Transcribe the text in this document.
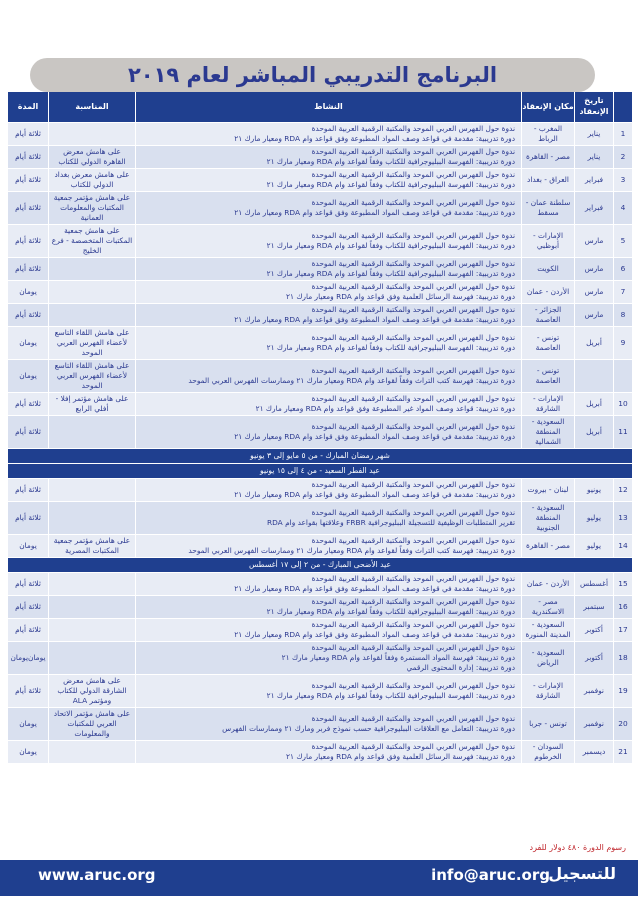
البرنامج التدريبي المباشر لعام ٢٠١٩
تاريخ الإنعقاد
مكان الإنعقاد
النشاط
المناسبة
المدة
1
يناير
المغرب - الرباط
ندوة حول الفهرس العربي الموحد والمكتبة الرقمية العربية الموحدة
دورة تدريبية: مقدمة في قواعد وصف المواد المطبوعة وفق قواعد وام RDA ومعيار مارك ٢١
ثلاثة أيام
2
يناير
مصر - القاهرة
ندوة حول الفهرس العربي الموحد والمكتبة الرقمية العربية الموحدة
دورة تدريبية: الفهرسة الببليوجرافية للكتاب وفقاً لقواعد وام RDA ومعيار مارك ٢١
على هامش معرض القاهرة الدولي للكتاب
ثلاثة أيام
3
فبراير
العراق - بغداد
ندوة حول الفهرس العربي الموحد والمكتبة الرقمية العربية الموحدة
دورة تدريبية: الفهرسة الببليوجرافية للكتاب وفقاً لقواعد وام RDA ومعيار مارك ٢١
على هامش معرض بغداد الدولي للكتاب
ثلاثة أيام
4
فبراير
سلطنة عمان - مسقط
ندوة حول الفهرس العربي الموحد والمكتبة الرقمية العربية الموحدة
دورة تدريبية: مقدمة في قواعد وصف المواد المطبوعة وفق قواعد وام RDA ومعيار مارك ٢١
على هامش مؤتمر جمعية المكتبات والمعلومات العمانية
ثلاثة أيام
5
مارس
الإمارات - أبوظبي
ندوة حول الفهرس العربي الموحد والمكتبة الرقمية العربية الموحدة
دورة تدريبية: الفهرسة الببليوجرافية للكتاب وفقاً لقواعد وام RDA ومعيار مارك ٢١
على هامش جمعية المكتبات المتخصصة - فرع الخليج
ثلاثة أيام
6
مارس
الكويت
ندوة حول الفهرس العربي الموحد والمكتبة الرقمية العربية الموحدة
دورة تدريبية: الفهرسة الببليوجرافية للكتاب وفقاً لقواعد وام RDA ومعيار مارك ٢١
ثلاثة أيام
7
مارس
الأردن - عمان
ندوة حول الفهرس العربي الموحد والمكتبة الرقمية العربية الموحدة
دورة تدريبية: فهرسة الرسائل العلمية وفق قواعد وام RDA ومعيار مارك ٢١
يومان
8
مارس
الجزائر - العاصمة
ندوة حول الفهرس العربي الموحد والمكتبة الرقمية العربية الموحدة
دورة تدريبية: مقدمة في قواعد وصف المواد المطبوعة وفق قواعد وام RDA ومعيار مارك ٢١
ثلاثة أيام
9
أبريل
تونس - العاصمة
ندوة حول الفهرس العربي الموحد والمكتبة الرقمية العربية الموحدة
دورة تدريبية: الفهرسة الببليوجرافية للكتاب وفقاً لقواعد وام RDA ومعيار مارك ٢١
على هامش اللقاء التاسع لأعضاء الفهرس العربي الموحد
يومان
تونس - العاصمة
ندوة حول الفهرس العربي الموحد والمكتبة الرقمية العربية الموحدة
دورة تدريبية: فهرسة كتب التراث وفقاً لقواعد وام RDA ومعيار مارك ٢١ وممارسات الفهرس العربي الموحد
على هامش اللقاء التاسع لأعضاء الفهرس العربي الموحد
يومان
10
أبريل
الإمارات - الشارقة
ندوة حول الفهرس العربي الموحد والمكتبة الرقمية العربية الموحدة
دورة تدريبية: قواعد وصف المواد غير المطبوعة وفق قواعد وام RDA ومعيار مارك ٢١
على هامش مؤتمر إفلا - أفلي الرابع
ثلاثة أيام
11
أبريل
السعودية - المنطقة الشمالية
ندوة حول الفهرس العربي الموحد والمكتبة الرقمية العربية الموحدة
دورة تدريبية: مقدمة في قواعد وصف المواد المطبوعة وفق قواعد وام RDA ومعيار مارك ٢١
ثلاثة أيام
شهر رمضان المبارك - من ٥ مايو إلى ٣ يونيو
عيد الفطر السعيد - من ٤ إلى ١٥ يونيو
12
يونيو
لبنان - بيروت
ندوة حول الفهرس العربي الموحد والمكتبة الرقمية العربية الموحدة
دورة تدريبية: مقدمة في قواعد وصف المواد المطبوعة وفق قواعد وام RDA ومعيار مارك ٢١
ثلاثة أيام
13
يوليو
السعودية - المنطقة الجنوبية
ندوة حول الفهرس العربي الموحد والمكتبة الرقمية العربية الموحدة
تقرير المتطلبات الوظيفية للتسجيلة الببليوجرافية FRBR وعلاقتها بقواعد وام RDA
ثلاثة أيام
14
يوليو
مصر - القاهرة
ندوة حول الفهرس العربي الموحد والمكتبة الرقمية العربية الموحدة
دورة تدريبية: فهرسة كتب التراث وفقاً لقواعد وام RDA ومعيار مارك ٢١ وممارسات الفهرس العربي الموحد
على هامش مؤتمر جمعية المكتبات المصرية
يومان
عيد الأضحى المبارك - من ٢ إلى ١٧ أغسطس
15
أغسطس
الأردن - عمان
ندوة حول الفهرس العربي الموحد والمكتبة الرقمية العربية الموحدة
دورة تدريبية: مقدمة في قواعد وصف المواد المطبوعة وفق قواعد وام RDA ومعيار مارك ٢١
ثلاثة أيام
16
سبتمبر
مصر - الاسكندرية
ندوة حول الفهرس العربي الموحد والمكتبة الرقمية العربية الموحدة
دورة تدريبية: الفهرسة الببليوجرافية للكتاب وفقاً لقواعد وام RDA ومعيار مارك ٢١
ثلاثة أيام
17
أكتوبر
السعودية - المدينة المنورة
ندوة حول الفهرس العربي الموحد والمكتبة الرقمية العربية الموحدة
دورة تدريبية: مقدمة في قواعد وصف المواد المطبوعة وفق قواعد وام RDA ومعيار مارك ٢١
ثلاثة أيام
18
أكتوبر
السعودية - الرياض
ندوة حول الفهرس العربي الموحد والمكتبة الرقمية العربية الموحدة
دورة تدريبية: فهرسة المواد المستمرة وفقاً لقواعد وام RDA ومعيار مارك ٢١
دورة تدريبية: إدارة المحتوى الرقمي
يومان
يومان
19
نوفمبر
الإمارات - الشارقة
ندوة حول الفهرس العربي الموحد والمكتبة الرقمية العربية الموحدة
دورة تدريبية: الفهرسة الببليوجرافية للكتاب وفقاً لقواعد وام RDA ومعيار مارك ٢١
على هامش معرض الشارقة الدولي للكتاب ومؤتمر ALA
ثلاثة أيام
20
نوفمبر
تونس - جربا
ندوة حول الفهرس العربي الموحد والمكتبة الرقمية العربية الموحدة
دورة تدريبية: التعامل مع العلاقات الببليوجرافية حسب نموذج فربر ومارك ٢١ وممارسات الفهرس
على هامش مؤتمر الاتحاد العربي للمكتبات والمعلومات
يومان
21
ديسمبر
السودان - الخرطوم
ندوة حول الفهرس العربي الموحد والمكتبة الرقمية العربية الموحدة
دورة تدريبية: فهرسة الرسائل العلمية وفق قواعد وام RDA ومعيار مارك ٢١
يومان
رسوم الدورة ٤٨٠ دولار للفرد
للتسجيل
info@aruc.org
www.aruc.org
